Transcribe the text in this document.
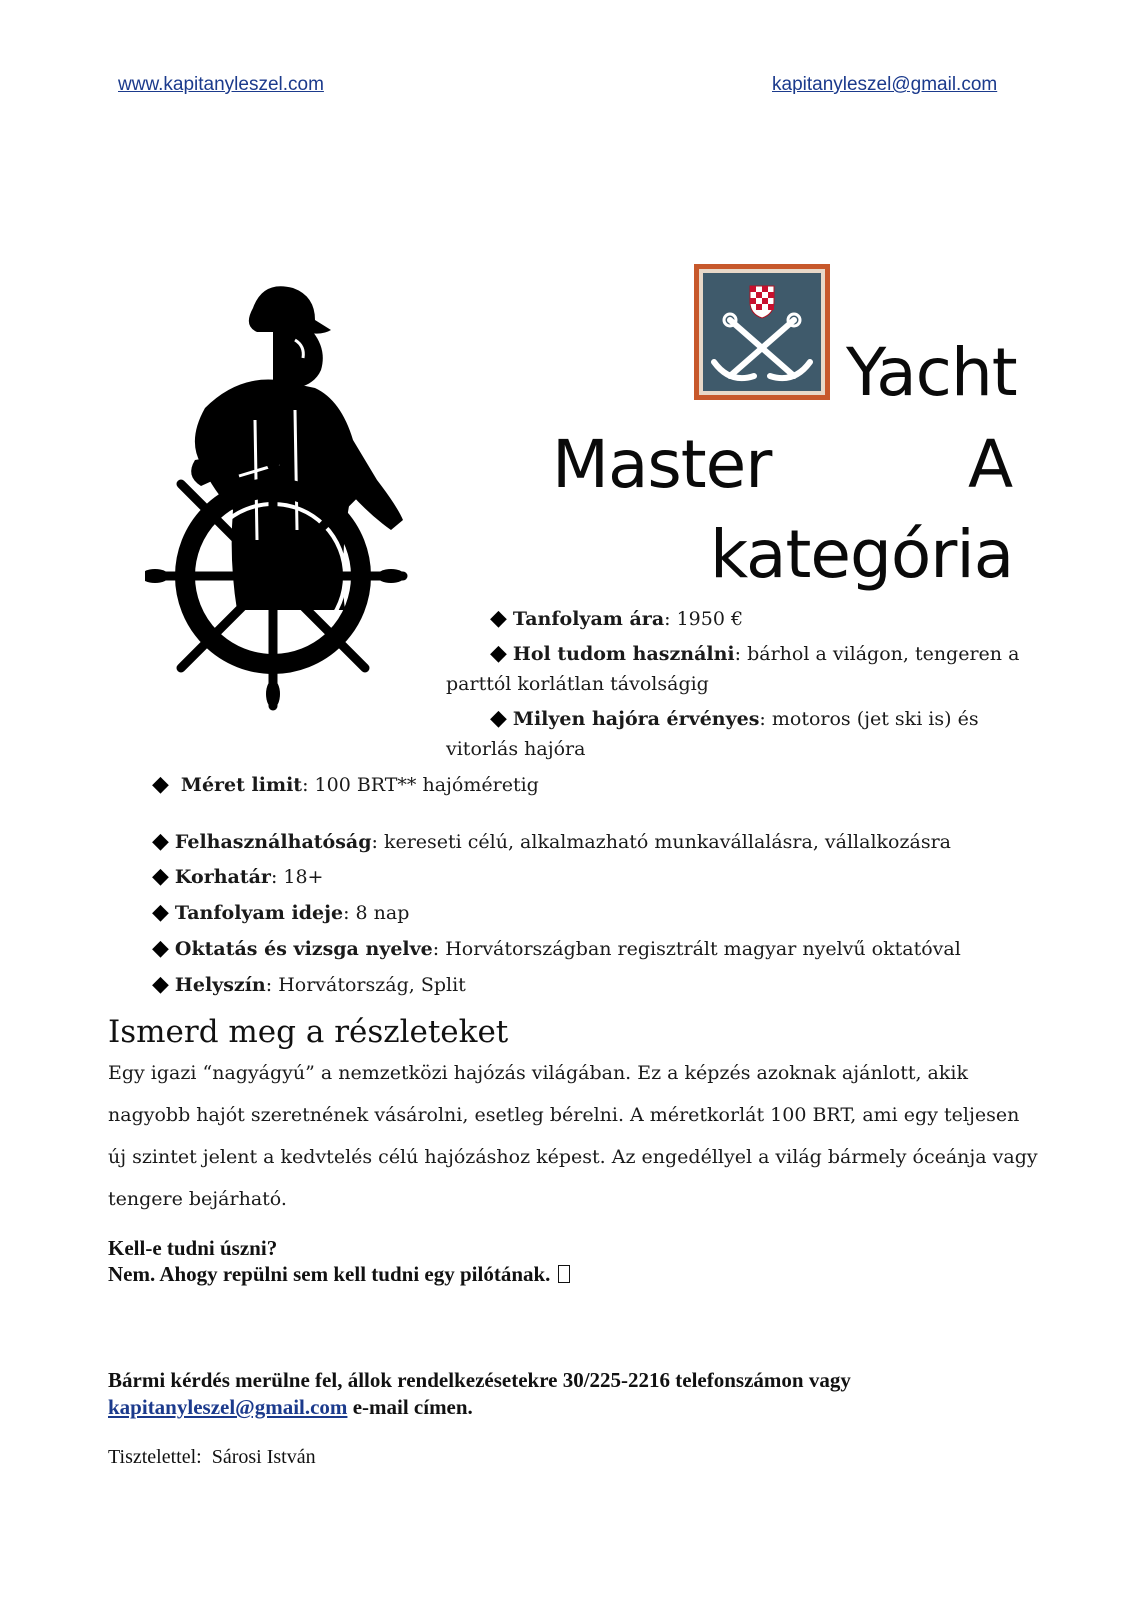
www.kapitanyleszel.com	kapitanyleszel@gmail.com
Yacht
Master	A
kategória
◆ Tanfolyam ára: 1950 €
◆ Hol tudom használni: bárhol a világon, tengeren a
parttól korlátlan távolságig
◆ Milyen hajóra érvényes: motoros (jet ski is) és
vitorlás hajóra
◆ Méret limit: 100 BRT** hajóméretig
◆ Felhasználhatóság: kereseti célú, alkalmazható munkavállalásra, vállalkozásra
◆ Korhatár: 18+
◆ Tanfolyam ideje: 8 nap
◆ Oktatás és vizsga nyelve: Horvátországban regisztrált magyar nyelvű oktatóval
◆ Helyszín: Horvátország, Split
Ismerd meg a részleteket
Egy igazi “nagyágyú” a nemzetközi hajózás világában. Ez a képzés azoknak ajánlott, akik nagyobb hajót szeretnének vásárolni, esetleg bérelni. A méretkorlát 100 BRT, ami egy teljesen új szintet jelent a kedvtelés célú hajózáshoz képest. Az engedéllyel a világ bármely óceánja vagy tengere bejárható.
Kell-e tudni úszni?
Nem. Ahogy repülni sem kell tudni egy pilótának.
Bármi kérdés merülne fel, állok rendelkezésetekre 30/225-2216 telefonszámon vagy
kapitanyleszel@gmail.com e-mail címen.
Tisztelettel:  Sárosi István
